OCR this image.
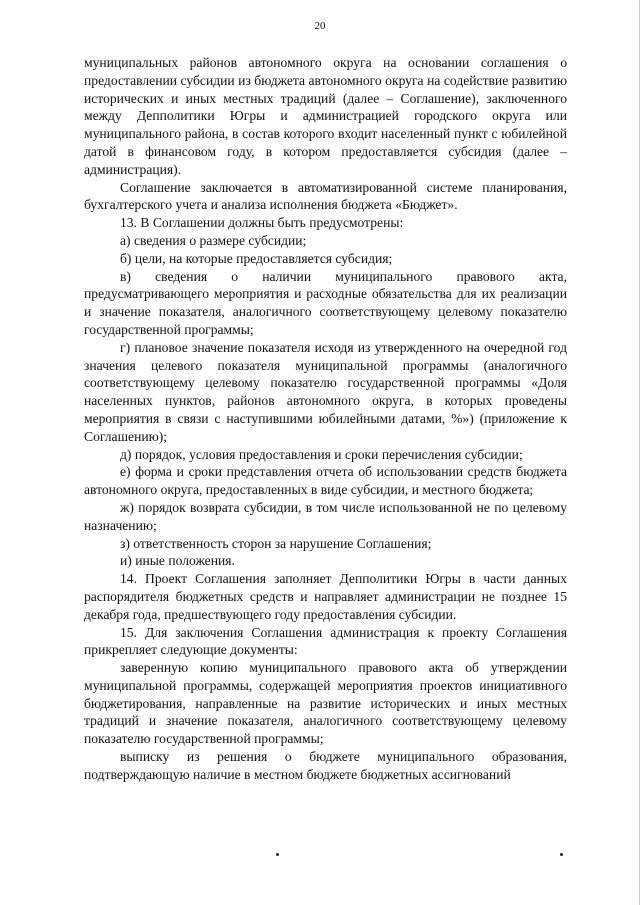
20

муниципальных районов автономного округа на основании соглашения о предоставлении субсидии из бюджета автономного округа на содействие развитию исторических и иных местных традиций (далее – Соглашение), заключенного между Депполитики Югры и администрацией городского округа или муниципального района, в состав которого входит населенный пункт с юбилейной датой в финансовом году, в котором предоставляется субсидия (далее – администрация).

Соглашение заключается в автоматизированной системе планирования, бухгалтерского учета и анализа исполнения бюджета «Бюджет».

13. В Соглашении должны быть предусмотрены:

а) сведения о размере субсидии;

б) цели, на которые предоставляется субсидия;

в) сведения о наличии муниципального правового акта, предусматривающего мероприятия и расходные обязательства для их реализации и значение показателя, аналогичного соответствующему целевому показателю государственной программы;

г) плановое значение показателя исходя из утвержденного на очередной год значения целевого показателя муниципальной программы (аналогичного соответствующему целевому показателю государственной программы «Доля населенных пунктов, районов автономного округа, в которых проведены мероприятия в связи с наступившими юбилейными датами, %») (приложение к Соглашению);

д) порядок, условия предоставления и сроки перечисления субсидии;

е) форма и сроки представления отчета об использовании средств бюджета автономного округа, предоставленных в виде субсидии, и местного бюджета;

ж) порядок возврата субсидии, в том числе использованной не по целевому назначению;

з) ответственность сторон за нарушение Соглашения;

и) иные положения.

14. Проект Соглашения заполняет Депполитики Югры в части данных распорядителя бюджетных средств и направляет администрации не позднее 15 декабря года, предшествующего году предоставления субсидии.

15. Для заключения Соглашения администрация к проекту Соглашения прикрепляет следующие документы:

заверенную копию муниципального правового акта об утверждении муниципальной программы, содержащей мероприятия проектов инициативного бюджетирования, направленные на развитие исторических и иных местных традиций и значение показателя, аналогичного соответствующему целевому показателю государственной программы;

выписку из решения о бюджете муниципального образования, подтверждающую наличие в местном бюджете бюджетных ассигнований
